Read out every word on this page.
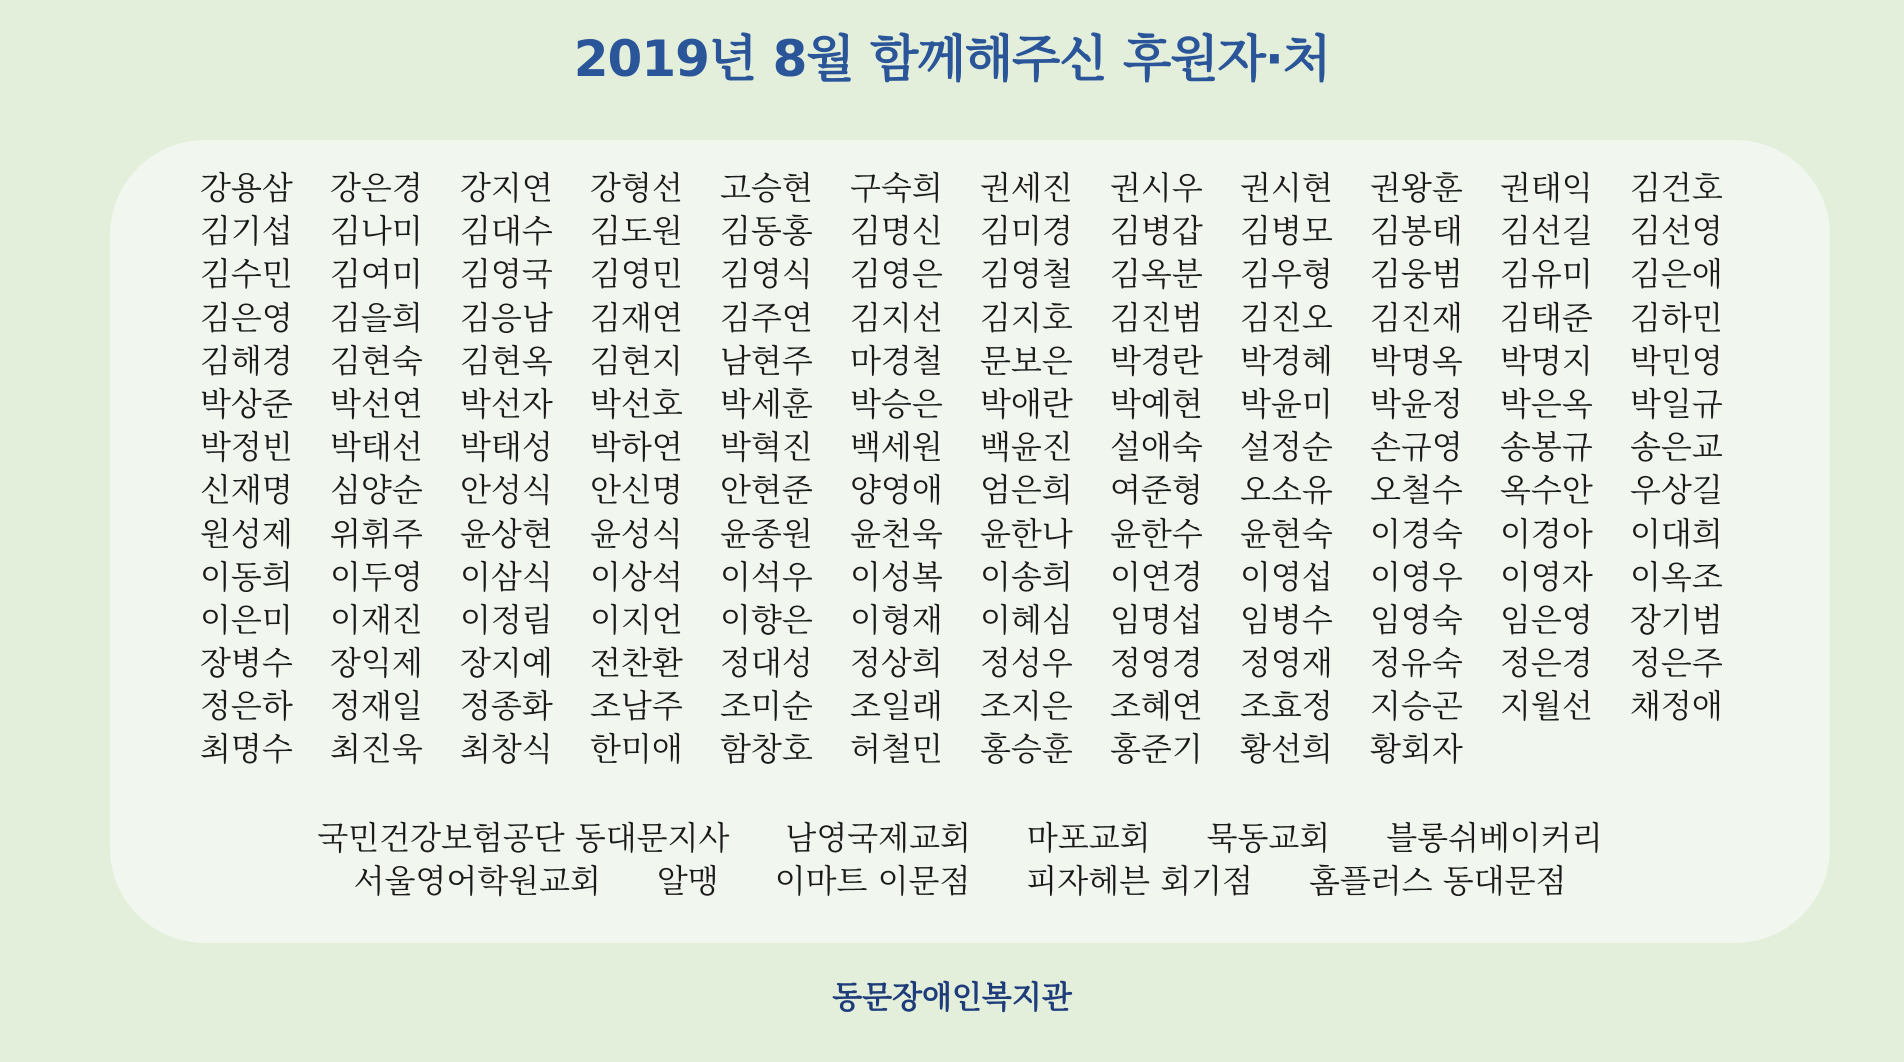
2019년 8월 함께해주신 후원자·처
강용삼	강은경	강지연	강형선	고승현	구숙희	권세진	권시우	권시현	권왕훈	권태익	김건호
김기섭	김나미	김대수	김도원	김동홍	김명신	김미경	김병갑	김병모	김봉태	김선길	김선영
김수민	김여미	김영국	김영민	김영식	김영은	김영철	김옥분	김우형	김웅범	김유미	김은애
김은영	김을희	김응남	김재연	김주연	김지선	김지호	김진범	김진오	김진재	김태준	김하민
김해경	김현숙	김현옥	김현지	남현주	마경철	문보은	박경란	박경혜	박명옥	박명지	박민영
박상준	박선연	박선자	박선호	박세훈	박승은	박애란	박예현	박윤미	박윤정	박은옥	박일규
박정빈	박태선	박태성	박하연	박혁진	백세원	백윤진	설애숙	설정순	손규영	송봉규	송은교
신재명	심양순	안성식	안신명	안현준	양영애	엄은희	여준형	오소유	오철수	옥수안	우상길
원성제	위휘주	윤상현	윤성식	윤종원	윤천욱	윤한나	윤한수	윤현숙	이경숙	이경아	이대희
이동희	이두영	이삼식	이상석	이석우	이성복	이송희	이연경	이영섭	이영우	이영자	이옥조
이은미	이재진	이정림	이지언	이향은	이형재	이혜심	임명섭	임병수	임영숙	임은영	장기범
장병수	장익제	장지예	전찬환	정대성	정상희	정성우	정영경	정영재	정유숙	정은경	정은주
정은하	정재일	정종화	조남주	조미순	조일래	조지은	조혜연	조효정	지승곤	지월선	채정애
최명수	최진욱	최창식	한미애	함창호	허철민	홍승훈	홍준기	황선희	황회자
국민건강보험공단 동대문지사 남영국제교회 마포교회 묵동교회 블롱쉬베이커리
서울영어학원교회 알맹 이마트 이문점 피자헤븐 회기점 홈플러스 동대문점
동문장애인복지관
